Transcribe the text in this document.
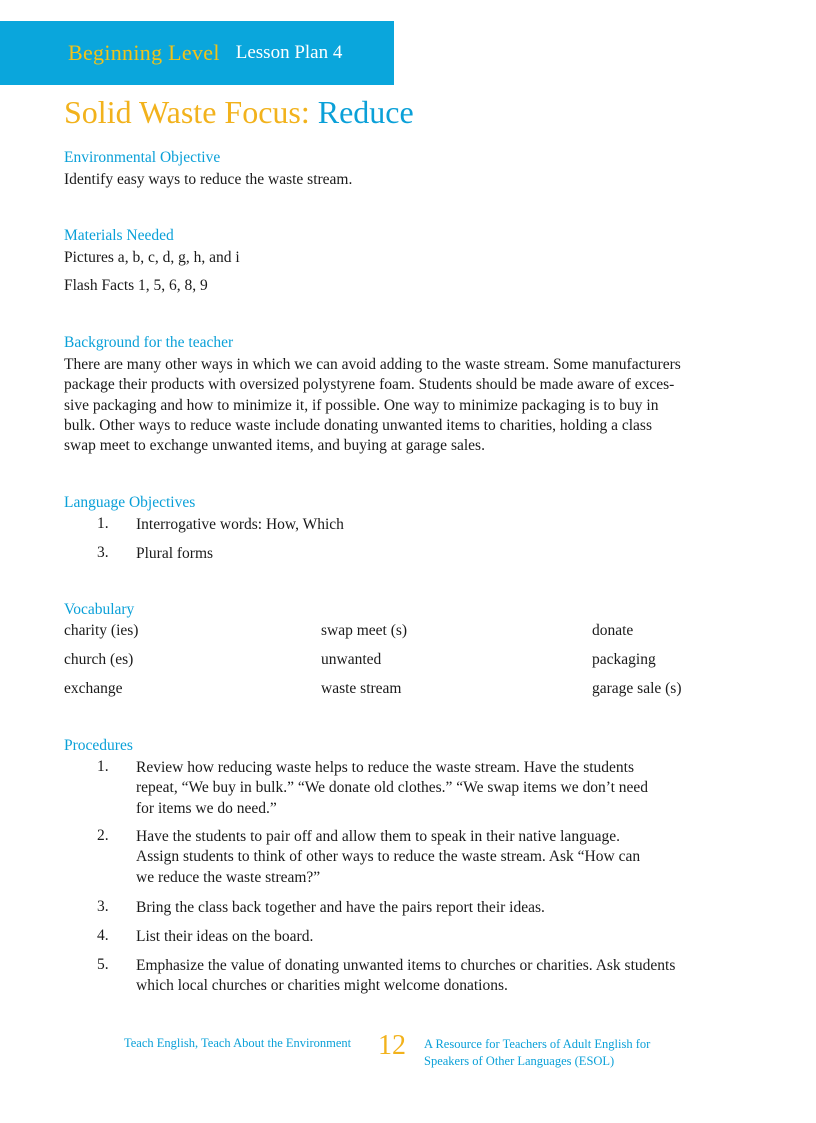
Beginning Level Lesson Plan 4
Solid Waste Focus: Reduce
Environmental Objective

Identify easy ways to reduce the waste stream.

Materials Needed

Pictures a, b, c, d, g, h, and i

Flash Facts 1, 5, 6, 8, 9

Background for the teacher
There are many other ways in which we can avoid adding to the waste stream. Some manufacturers
package their products with oversized polystyrene foam. Students should be made aware of exces-
sive packaging and how to minimize it, if possible. One way to minimize packaging is to buy in
bulk. Other ways to reduce waste include donating unwanted items to charities, holding a class
swap meet to exchange unwanted items, and buying at garage sales.
Language Objectives
1. Interrogative words: How, Which
3. Plural forms
Vocabulary
charity (ies)	swap meet (s)	donate
church (es)	unwanted	packaging
exchange	waste stream	garage sale (s)
Procedures
1. Review how reducing waste helps to reduce the waste stream. Have the students
repeat, “We buy in bulk.” “We donate old clothes.” “We swap items we don’t need
for items we do need.”
2. Have the students to pair off and allow them to speak in their native language.
Assign students to think of other ways to reduce the waste stream. Ask “How can
we reduce the waste stream?”
3. Bring the class back together and have the pairs report their ideas.
4. List their ideas on the board.
5. Emphasize the value of donating unwanted items to churches or charities. Ask students
which local churches or charities might welcome donations.
Teach English, Teach About the Environment 12 A Resource for Teachers of Adult English for
Speakers of Other Languages (ESOL)
